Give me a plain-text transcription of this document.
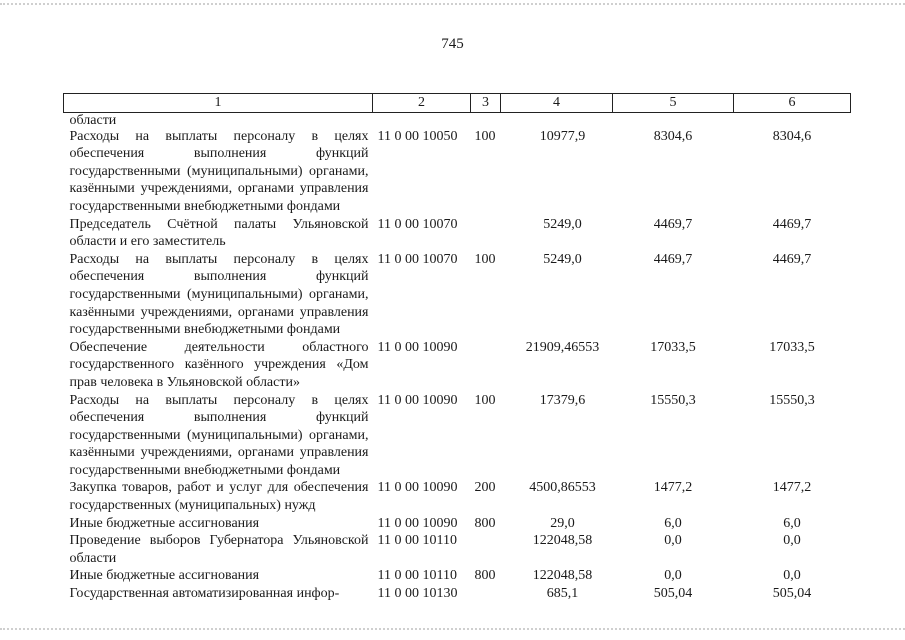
745
1	2	3	4	5	6
области					
Расходы на выплаты персоналу в целях обеспечения выполнения функций государственными (муниципальными) органами, казёнными учреждениями, органами управления государственными внебюджетными фондами	11 0 00 10050	100	10977,9	8304,6	8304,6
Председатель Счётной палаты Ульяновской области и его заместитель	11 0 00 10070		5249,0	4469,7	4469,7
Расходы на выплаты персоналу в целях обеспечения выполнения функций государственными (муниципальными) органами, казёнными учреждениями, органами управления государственными внебюджетными фондами	11 0 00 10070	100	5249,0	4469,7	4469,7
Обеспечение деятельности областного государственного казённого учреждения «Дом прав человека в Ульяновской области»	11 0 00 10090		21909,46553	17033,5	17033,5
Расходы на выплаты персоналу в целях обеспечения выполнения функций государственными (муниципальными) органами, казёнными учреждениями, органами управления государственными внебюджетными фондами	11 0 00 10090	100	17379,6	15550,3	15550,3
Закупка товаров, работ и услуг для обеспечения государственных (муниципальных) нужд	11 0 00 10090	200	4500,86553	1477,2	1477,2
Иные бюджетные ассигнования	11 0 00 10090	800	29,0	6,0	6,0
Проведение выборов Губернатора Ульяновской области	11 0 00 10110		122048,58	0,0	0,0
Иные бюджетные ассигнования	11 0 00 10110	800	122048,58	0,0	0,0
Государственная автоматизированная инфор-	11 0 00 10130		685,1	505,04	505,04
